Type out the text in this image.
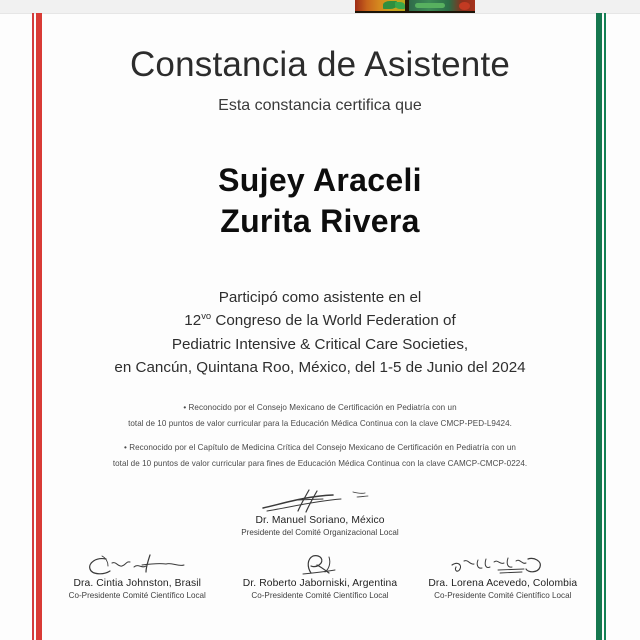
Constancia de Asistente

Esta constancia certifica que

Sujey Araceli
Zurita Rivera
Participó como asistente en el
$12^{vo}$ Congreso de la World Federation of
Pediatric Intensive & Critical Care Societies,
en Cancún, Quintana Roo, México, del 1-5 de Junio del 2024
• Reconocido por el Consejo Mexicano de Certificación en Pediatría con un
total de 10 puntos de valor curricular para la Educación Médica Continua con la clave CMCP-PED-L9424.
• Reconocido por el Capítulo de Medicina Crítica del Consejo Mexicano de Certificación en Pediatría con un
total de 10 puntos de valor curricular para fines de Educación Médica Continua con la clave CAMCP-CMCP-0224.
Dr. Manuel Soriano, México
Presidente del Comité Organizacional Local
Dra. Cintia Johnston, Brasil
Co-Presidente Comité Científico Local
Dr. Roberto Jaborniski, Argentina
Co-Presidente Comité Científico Local
Dra. Lorena Acevedo, Colombia
Co-Presidente Comité Científico Local
